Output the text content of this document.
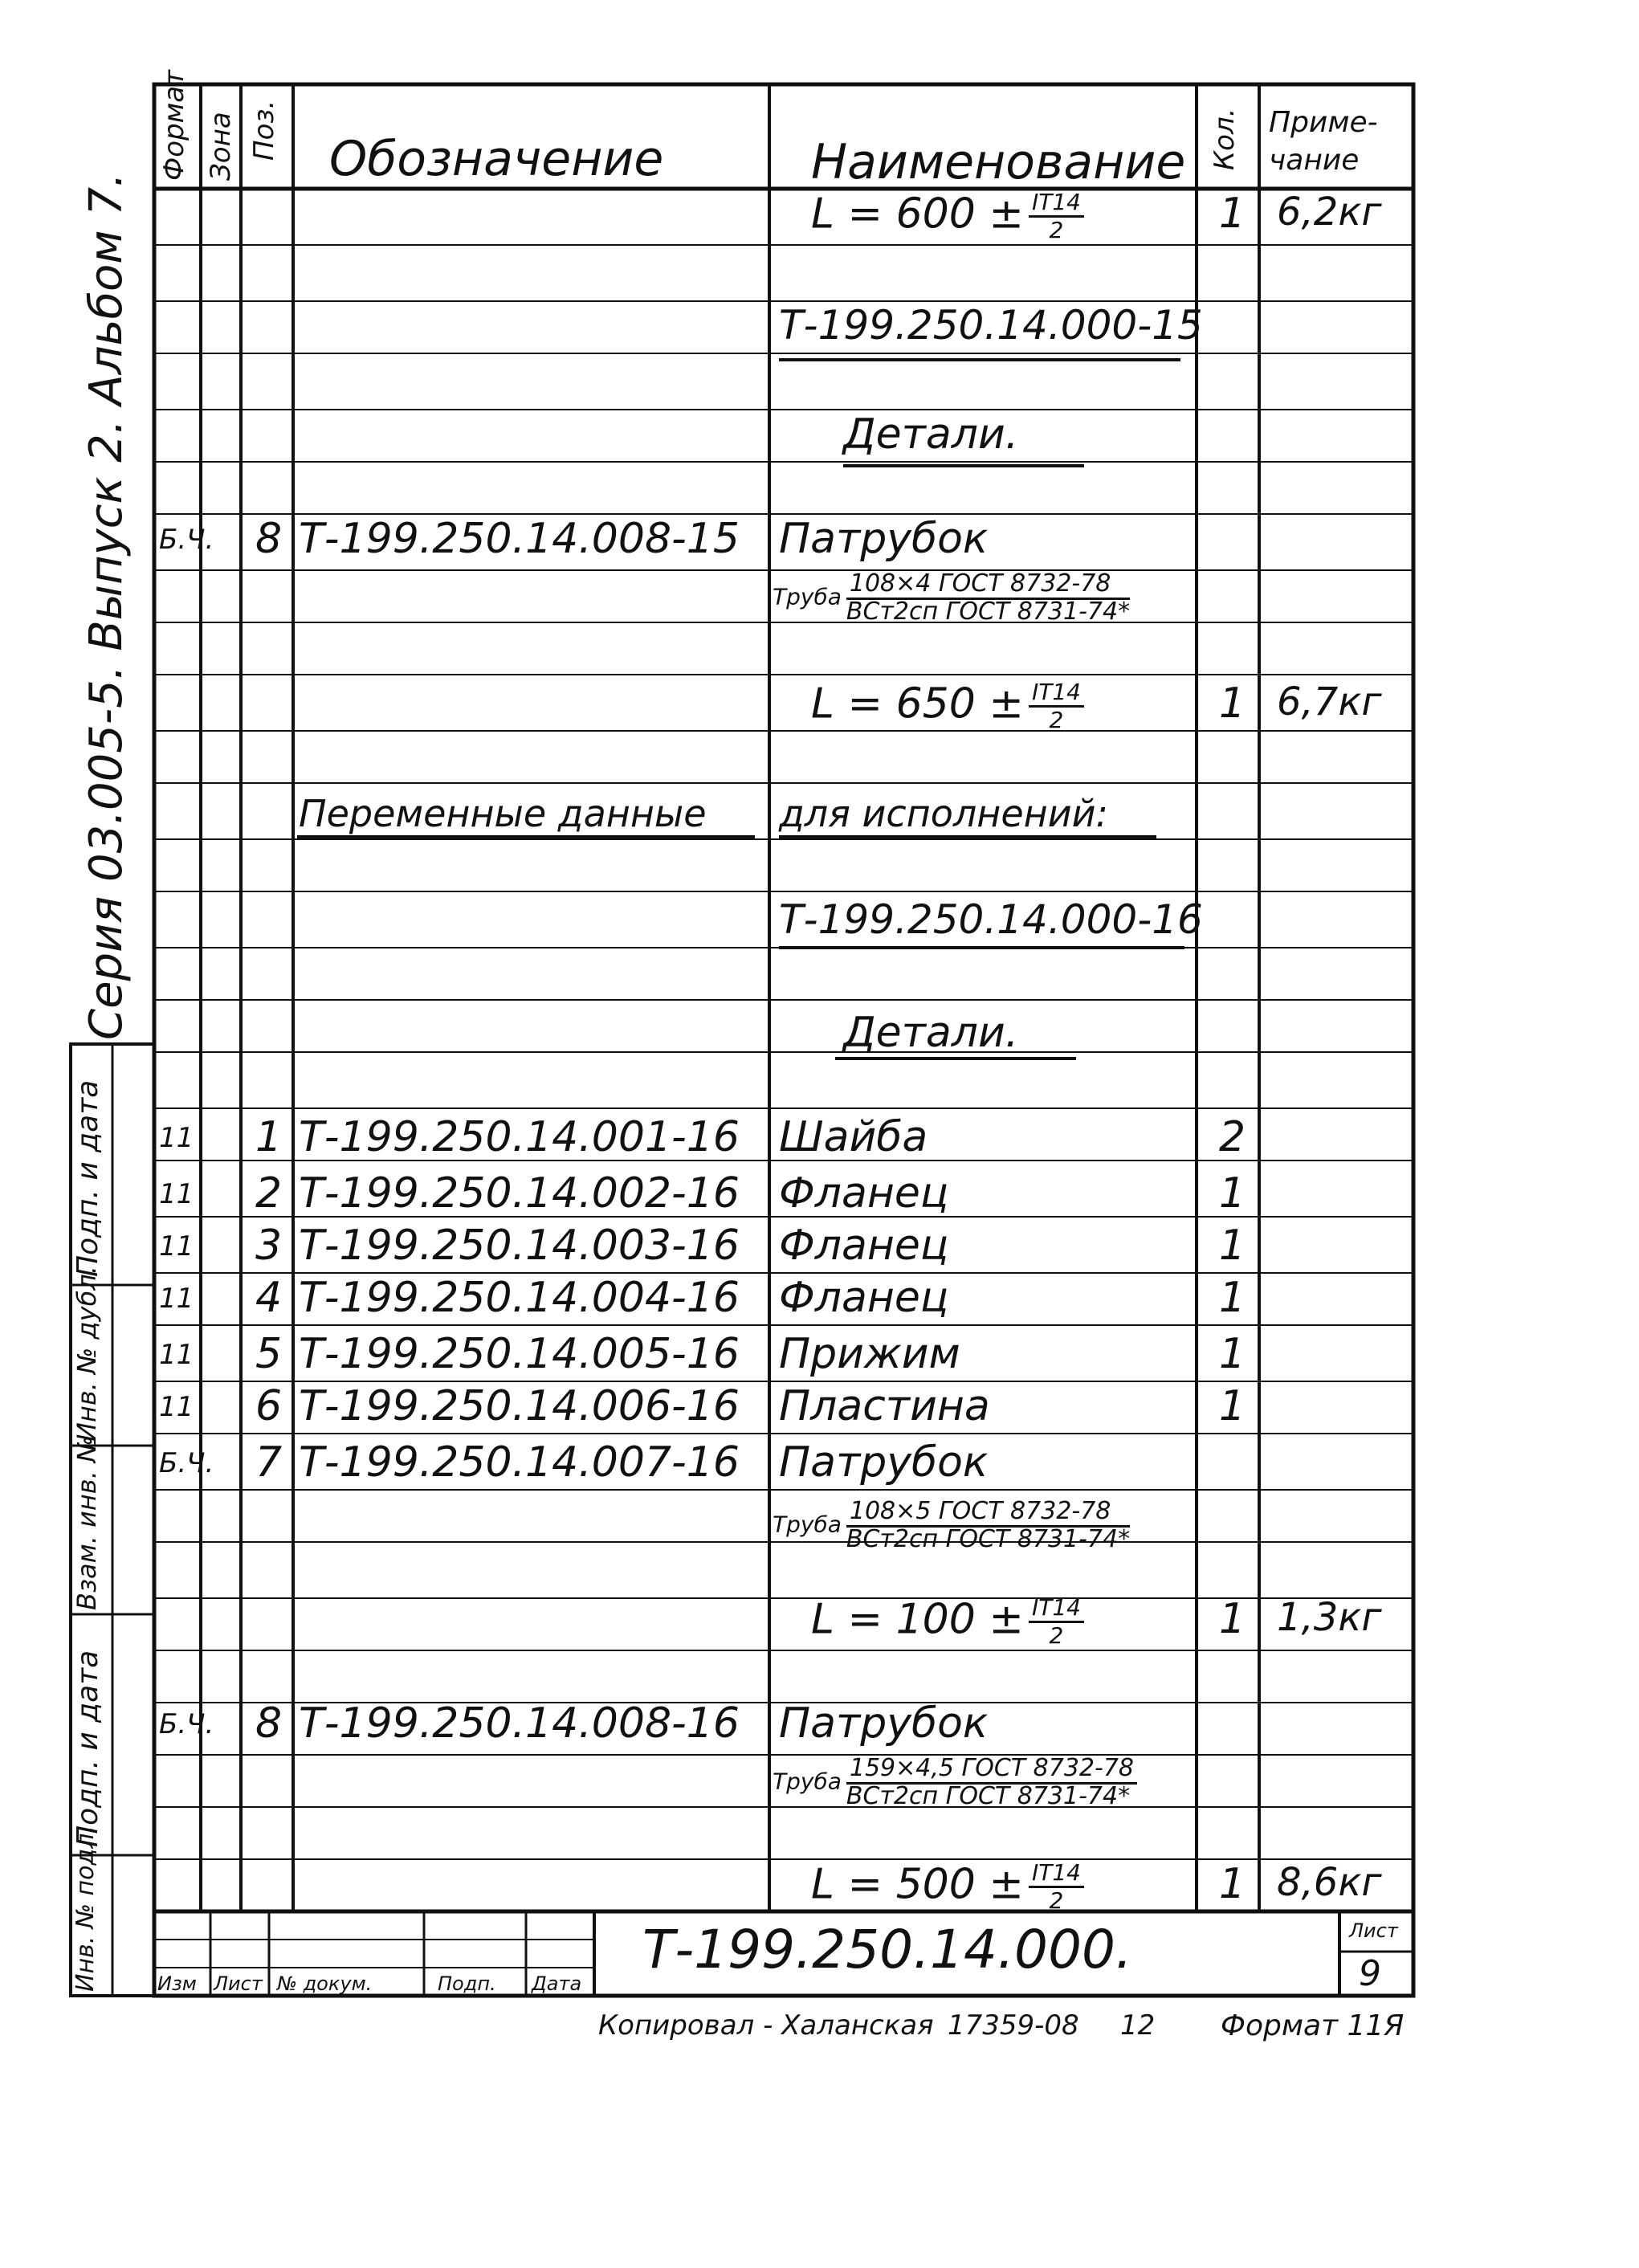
Формат Зона Поз. Обозначение	Наименование Кол. Приме-чание
$L = 600 \pm \frac{IT14}{2}$	1 6,2кг
Т-199.250.14.000-15
Детали.
Б.Ч. 8 Т-199.250.14.008-15 Патрубок
Труба 108×4 ГОСТ 8732-78
ВСт2сп ГОСТ 8731-74*
$L = 650 \pm \frac{IT14}{2}$	1 6,7кг
Переменные данные для исполнений:
Т-199.250.14.000-16
Детали.
11 1 Т-199.250.14.001-16 Шайба	2
11 2 Т-199.250.14.002-16 Фланец	1
11 3 Т-199.250.14.003-16 Фланец	1
11 4 Т-199.250.14.004-16 Фланец	1
11 5 Т-199.250.14.005-16 Прижим	1
11 6 Т-199.250.14.006-16 Пластина	1
Б.Ч. 7 Т-199.250.14.007-16 Патрубок
Труба 108×5 ГОСТ 8732-78
ВСт2сп ГОСТ 8731-74*
$L = 100 \pm \frac{IT14}{2}$	1 1,3кг
Б.Ч. 8 Т-199.250.14.008-16 Патрубок
Труба 159×4,5 ГОСТ 8732-78
ВСт2сп ГОСТ 8731-74*
$L = 500 \pm \frac{IT14}{2}$	1 8,6кг
Т-199.250.14.000.	Лист
9
Изм Лист № докум.	Подп. Дата
Серия 03.005-5. Выпуск 2. Альбом 7.
Подп. и дата
Инв. № дубл.
Взам. инв. №
Подп. и дата
Инв. № подл.
Копировал - Халанская 17359-08 12 Формат 11Я
